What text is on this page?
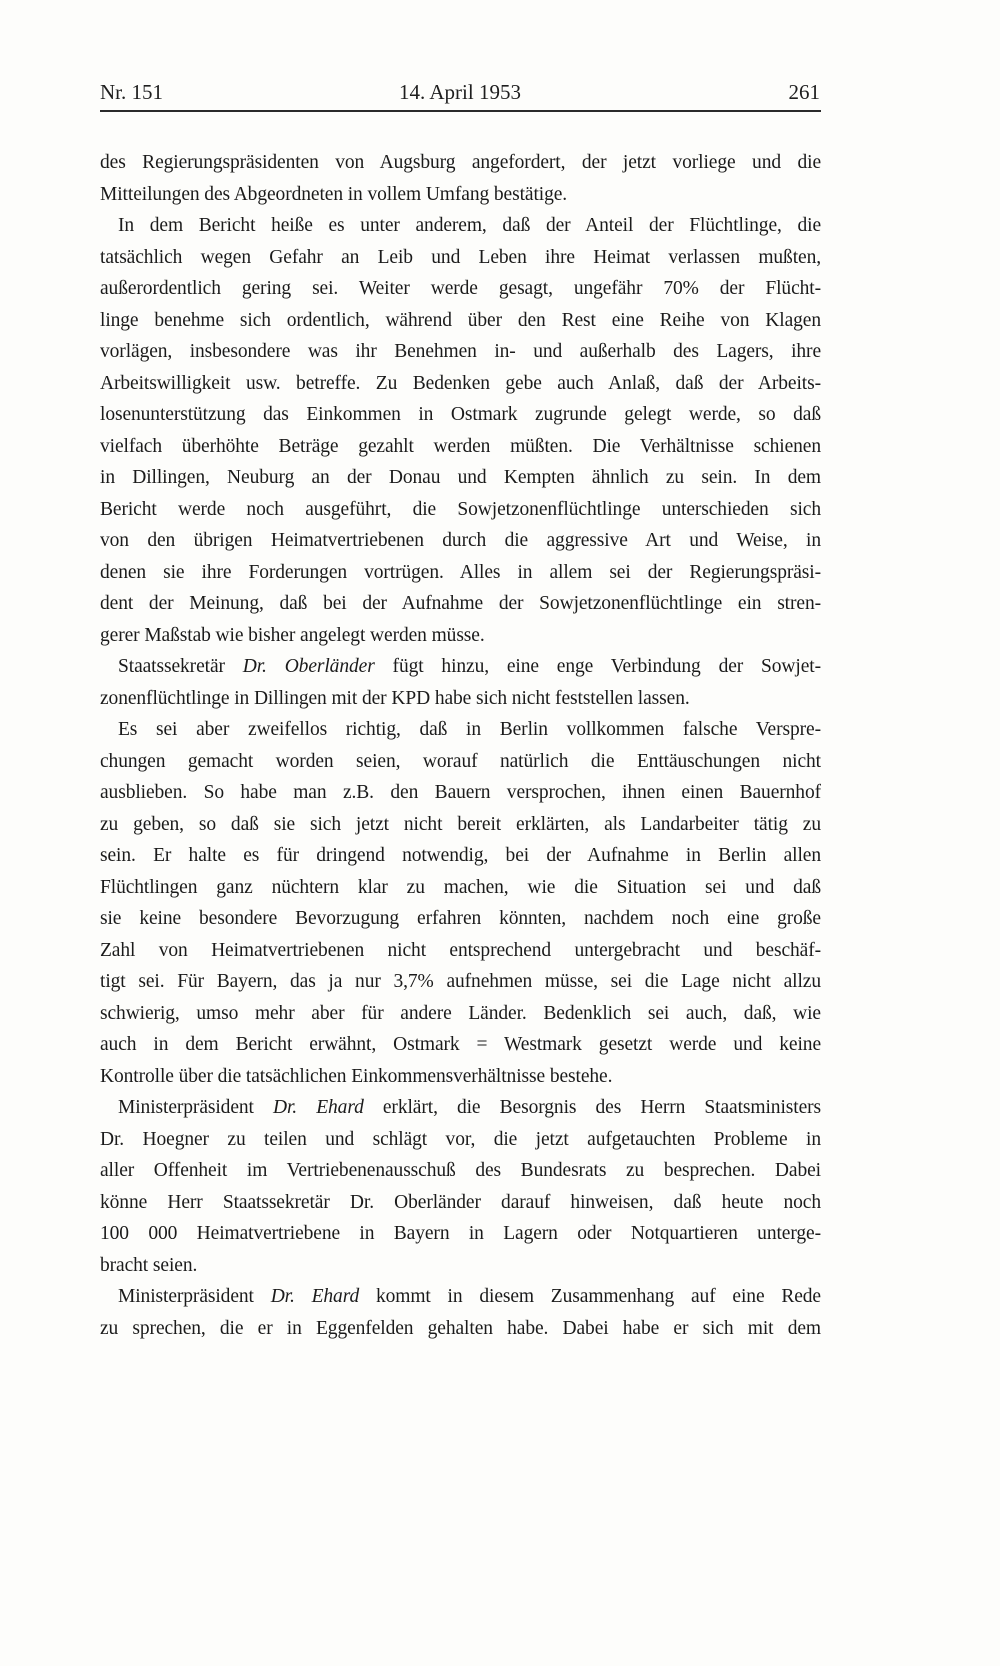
Nr. 151	14. April 1953	261
des Regierungspräsidenten von Augsburg angefordert, der jetzt vorliege und die
Mitteilungen des Abgeordneten in vollem Umfang bestätige.
In dem Bericht heiße es unter anderem, daß der Anteil der Flüchtlinge, die
tatsächlich wegen Gefahr an Leib und Leben ihre Heimat verlassen mußten,
außerordentlich gering sei. Weiter werde gesagt, ungefähr 70% der Flücht-
linge benehme sich ordentlich, während über den Rest eine Reihe von Klagen
vorlägen, insbesondere was ihr Benehmen in- und außerhalb des Lagers, ihre
Arbeitswilligkeit usw. betreffe. Zu Bedenken gebe auch Anlaß, daß der Arbeits-
losenunterstützung das Einkommen in Ostmark zugrunde gelegt werde, so daß
vielfach überhöhte Beträge gezahlt werden müßten. Die Verhältnisse schienen
in Dillingen, Neuburg an der Donau und Kempten ähnlich zu sein. In dem
Bericht werde noch ausgeführt, die Sowjetzonenflüchtlinge unterschieden sich
von den übrigen Heimatvertriebenen durch die aggressive Art und Weise, in
denen sie ihre Forderungen vortrügen. Alles in allem sei der Regierungspräsi-
dent der Meinung, daß bei der Aufnahme der Sowjetzonenflüchtlinge ein stren-
gerer Maßstab wie bisher angelegt werden müsse.
Staatssekretär Dr. Oberländer fügt hinzu, eine enge Verbindung der Sowjet-
zonenflüchtlinge in Dillingen mit der KPD habe sich nicht feststellen lassen.
Es sei aber zweifellos richtig, daß in Berlin vollkommen falsche Verspre-
chungen gemacht worden seien, worauf natürlich die Enttäuschungen nicht
ausblieben. So habe man z.B. den Bauern versprochen, ihnen einen Bauernhof
zu geben, so daß sie sich jetzt nicht bereit erklärten, als Landarbeiter tätig zu
sein. Er halte es für dringend notwendig, bei der Aufnahme in Berlin allen
Flüchtlingen ganz nüchtern klar zu machen, wie die Situation sei und daß
sie keine besondere Bevorzugung erfahren könnten, nachdem noch eine große
Zahl von Heimatvertriebenen nicht entsprechend untergebracht und beschäf-
tigt sei. Für Bayern, das ja nur 3,7% aufnehmen müsse, sei die Lage nicht allzu
schwierig, umso mehr aber für andere Länder. Bedenklich sei auch, daß, wie
auch in dem Bericht erwähnt, Ostmark = Westmark gesetzt werde und keine
Kontrolle über die tatsächlichen Einkommensverhältnisse bestehe.
Ministerpräsident Dr. Ehard erklärt, die Besorgnis des Herrn Staatsministers
Dr. Hoegner zu teilen und schlägt vor, die jetzt aufgetauchten Probleme in
aller Offenheit im Vertriebenenausschuß des Bundesrats zu besprechen. Dabei
könne Herr Staatssekretär Dr. Oberländer darauf hinweisen, daß heute noch
100 000 Heimatvertriebene in Bayern in Lagern oder Notquartieren unterge-
bracht seien.
Ministerpräsident Dr. Ehard kommt in diesem Zusammenhang auf eine Rede
zu sprechen, die er in Eggenfelden gehalten habe. Dabei habe er sich mit dem
